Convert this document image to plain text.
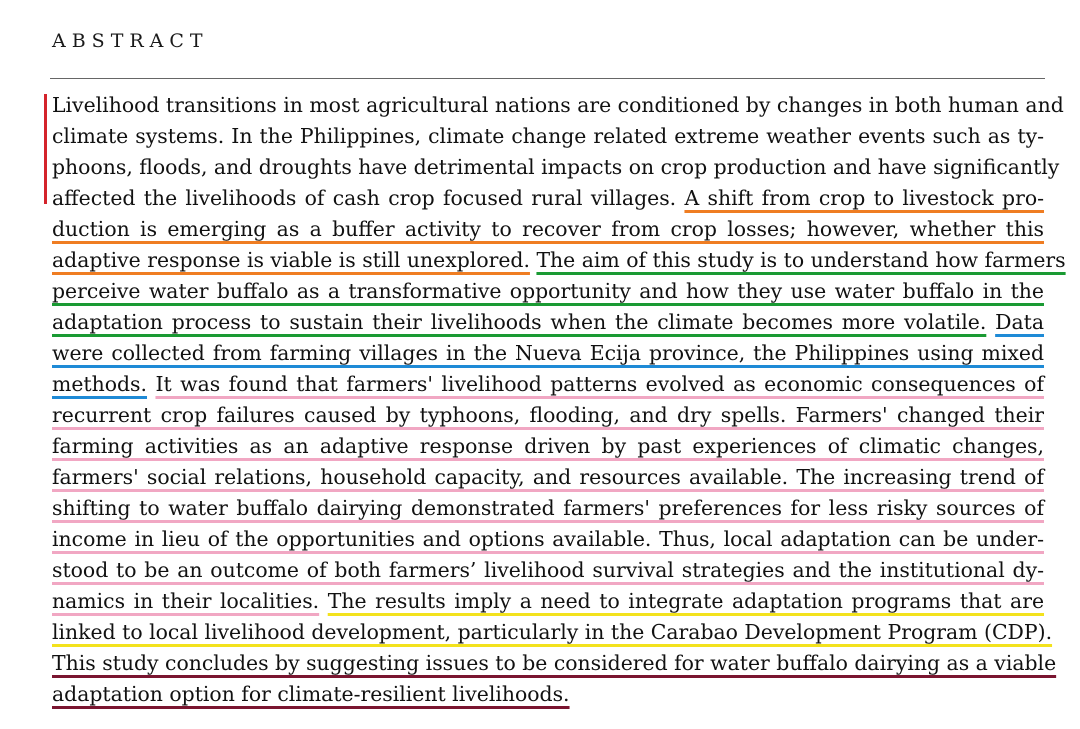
ABSTRACT
Livelihood transitions in most agricultural nations are conditioned by changes in both human and
climate systems. In the Philippines, climate change related extreme weather events such as ty-
phoons, floods, and droughts have detrimental impacts on crop production and have significantly
affected the livelihoods of cash crop focused rural villages. A shift from crop to livestock pro-
duction is emerging as a buffer activity to recover from crop losses; however, whether this
adaptive response is viable is still unexplored. The aim of this study is to understand how farmers
perceive water buffalo as a transformative opportunity and how they use water buffalo in the
adaptation process to sustain their livelihoods when the climate becomes more volatile. Data
were collected from farming villages in the Nueva Ecija province, the Philippines using mixed
methods. It was found that farmers' livelihood patterns evolved as economic consequences of
recurrent crop failures caused by typhoons, flooding, and dry spells. Farmers' changed their
farming activities as an adaptive response driven by past experiences of climatic changes,
farmers' social relations, household capacity, and resources available. The increasing trend of
shifting to water buffalo dairying demonstrated farmers' preferences for less risky sources of
income in lieu of the opportunities and options available. Thus, local adaptation can be under-
stood to be an outcome of both farmers’ livelihood survival strategies and the institutional dy-
namics in their localities. The results imply a need to integrate adaptation programs that are
linked to local livelihood development, particularly in the Carabao Development Program (CDP).
This study concludes by suggesting issues to be considered for water buffalo dairying as a viable
adaptation option for climate-resilient livelihoods.
